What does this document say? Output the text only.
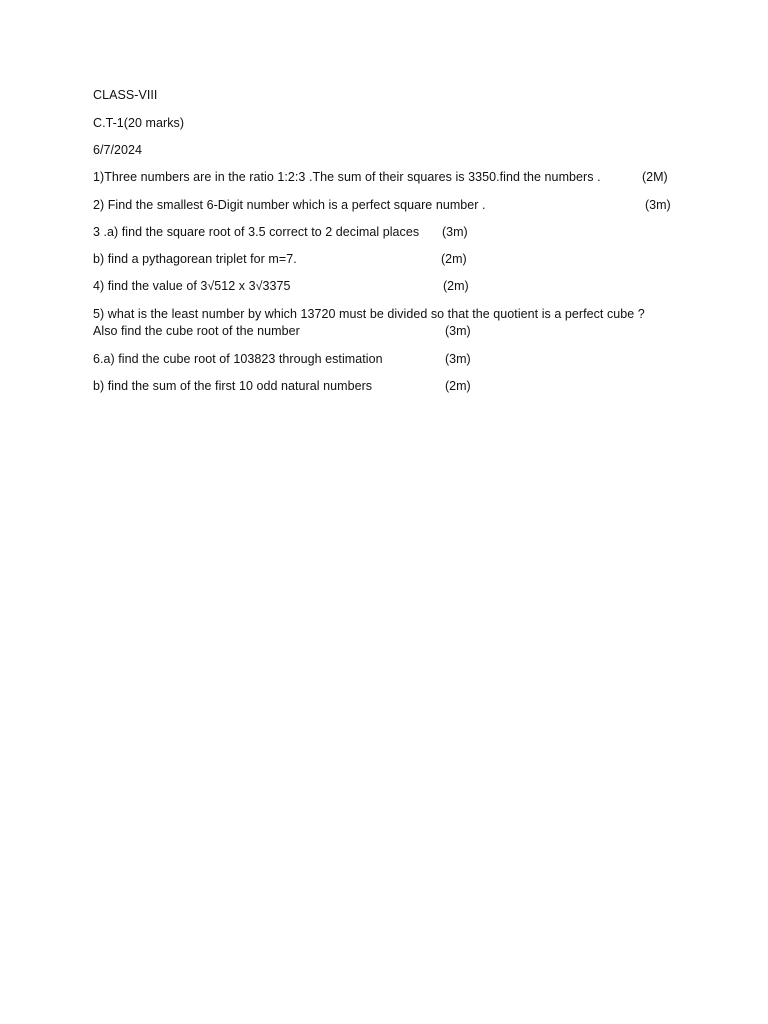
CLASS-VIII
C.T-1(20 marks)
6/7/2024
1)Three numbers are in the ratio 1:2:3 .The sum of their squares is 3350.find the numbers .	(2M)
2) Find the smallest 6-Digit number which is a perfect square number .	(3m)
3 .a) find the square root of 3.5 correct to 2 decimal places (3m)
b) find a pythagorean triplet for m=7.	(2m)
4) find the value of 3√512 x 3√3375	(2m)
5) what is the least number by which 13720 must be divided so that the quotient is a perfect cube ?
Also find the cube root of the number	(3m)
6.a) find the cube root of 103823 through estimation	(3m)
b) find the sum of the first 10 odd natural numbers	(2m)
